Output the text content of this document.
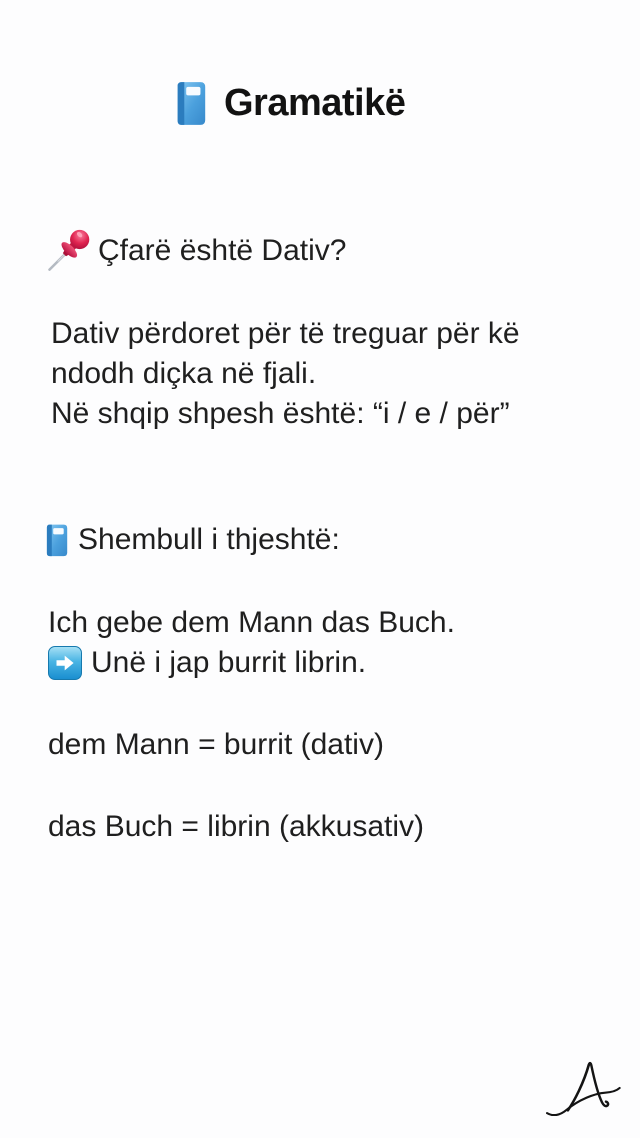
Gramatikë
Çfarë është Dativ?
Dativ përdoret për të treguar për kë
ndodh diçka në fjali.
Në shqip shpesh është: “i / e / për”
Shembull i thjeshtë:
Ich gebe dem Mann das Buch.
Unë i jap burrit librin.
dem Mann = burrit (dativ)
das Buch = librin (akkusativ)
